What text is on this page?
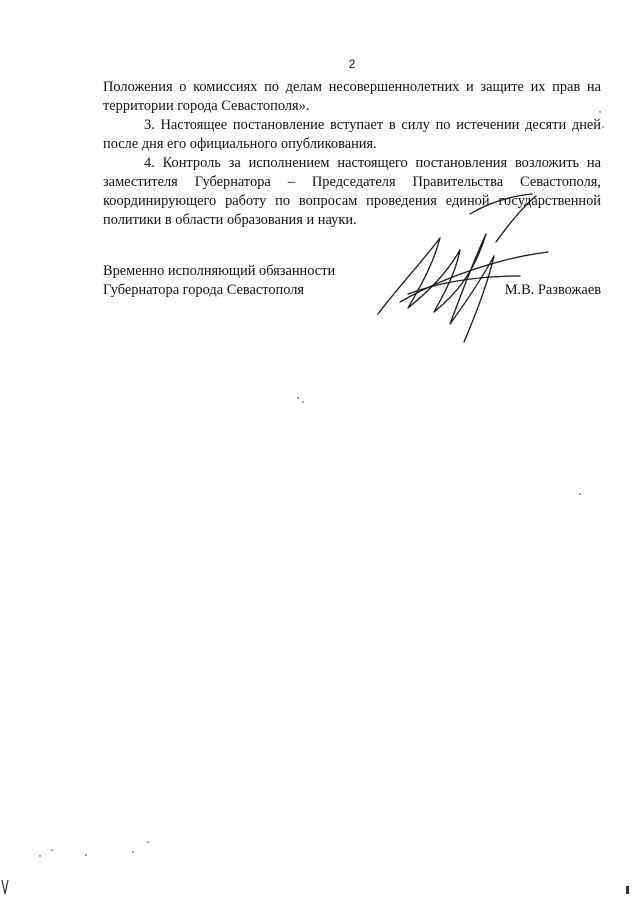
2

Положения о комиссиях по делам несовершеннолетних и защите их прав на территории города Севастополя».

3. Настоящее постановление вступает в силу по истечении десяти дней после дня его официального опубликования.

4. Контроль за исполнением настоящего постановления возложить на заместителя Губернатора – Председателя Правительства Севастополя, координирующего работу по вопросам проведения единой государственной политики в области образования и науки.

Временно исполняющий обязанности

Губернатора города Севастополя	М.В. Развожаев
